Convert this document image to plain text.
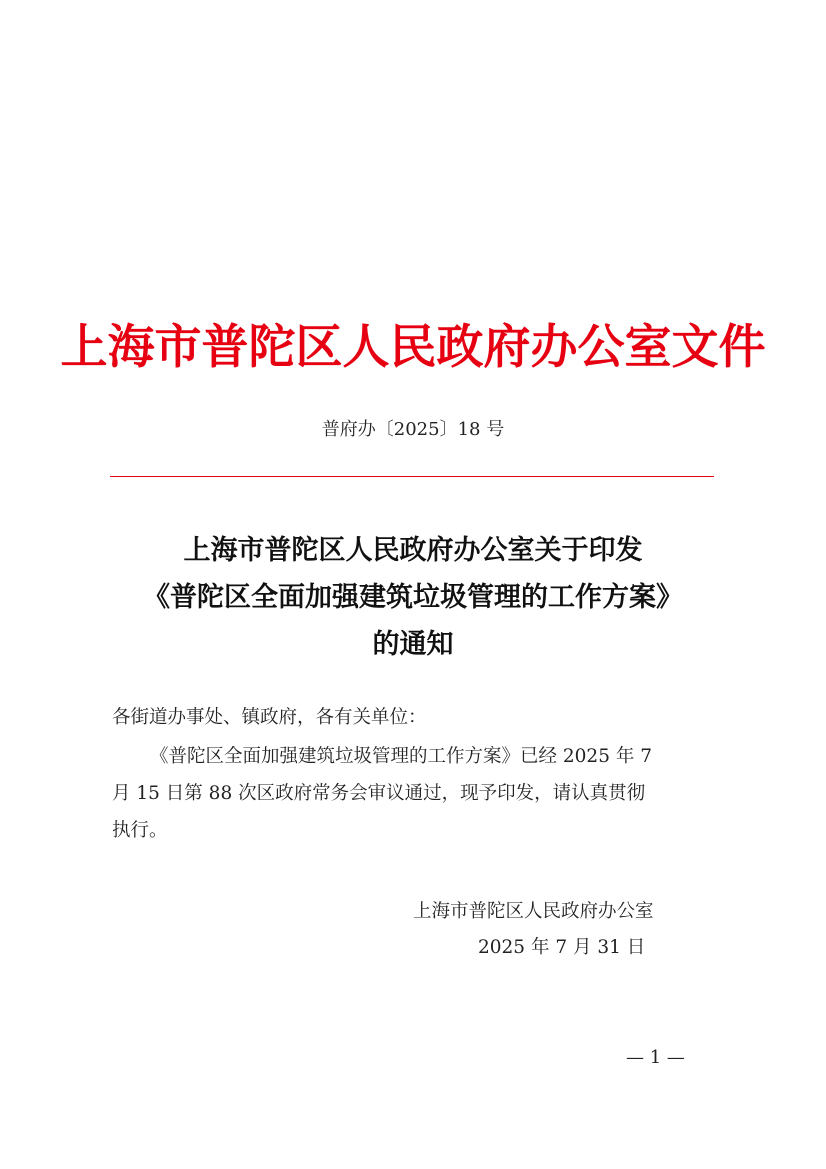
上海市普陀区人民政府办公室文件
普府办〔2025〕18 号
上海市普陀区人民政府办公室关于印发
《普陀区全面加强建筑垃圾管理的工作方案》
的通知
各街道办事处、镇政府，各有关单位：
《普陀区全面加强建筑垃圾管理的工作方案》已经 2025 年 7
月 15 日第 88 次区政府常务会审议通过，现予印发，请认真贯彻
执行。
上海市普陀区人民政府办公室
2025 年 7 月 31 日
— 1 —
